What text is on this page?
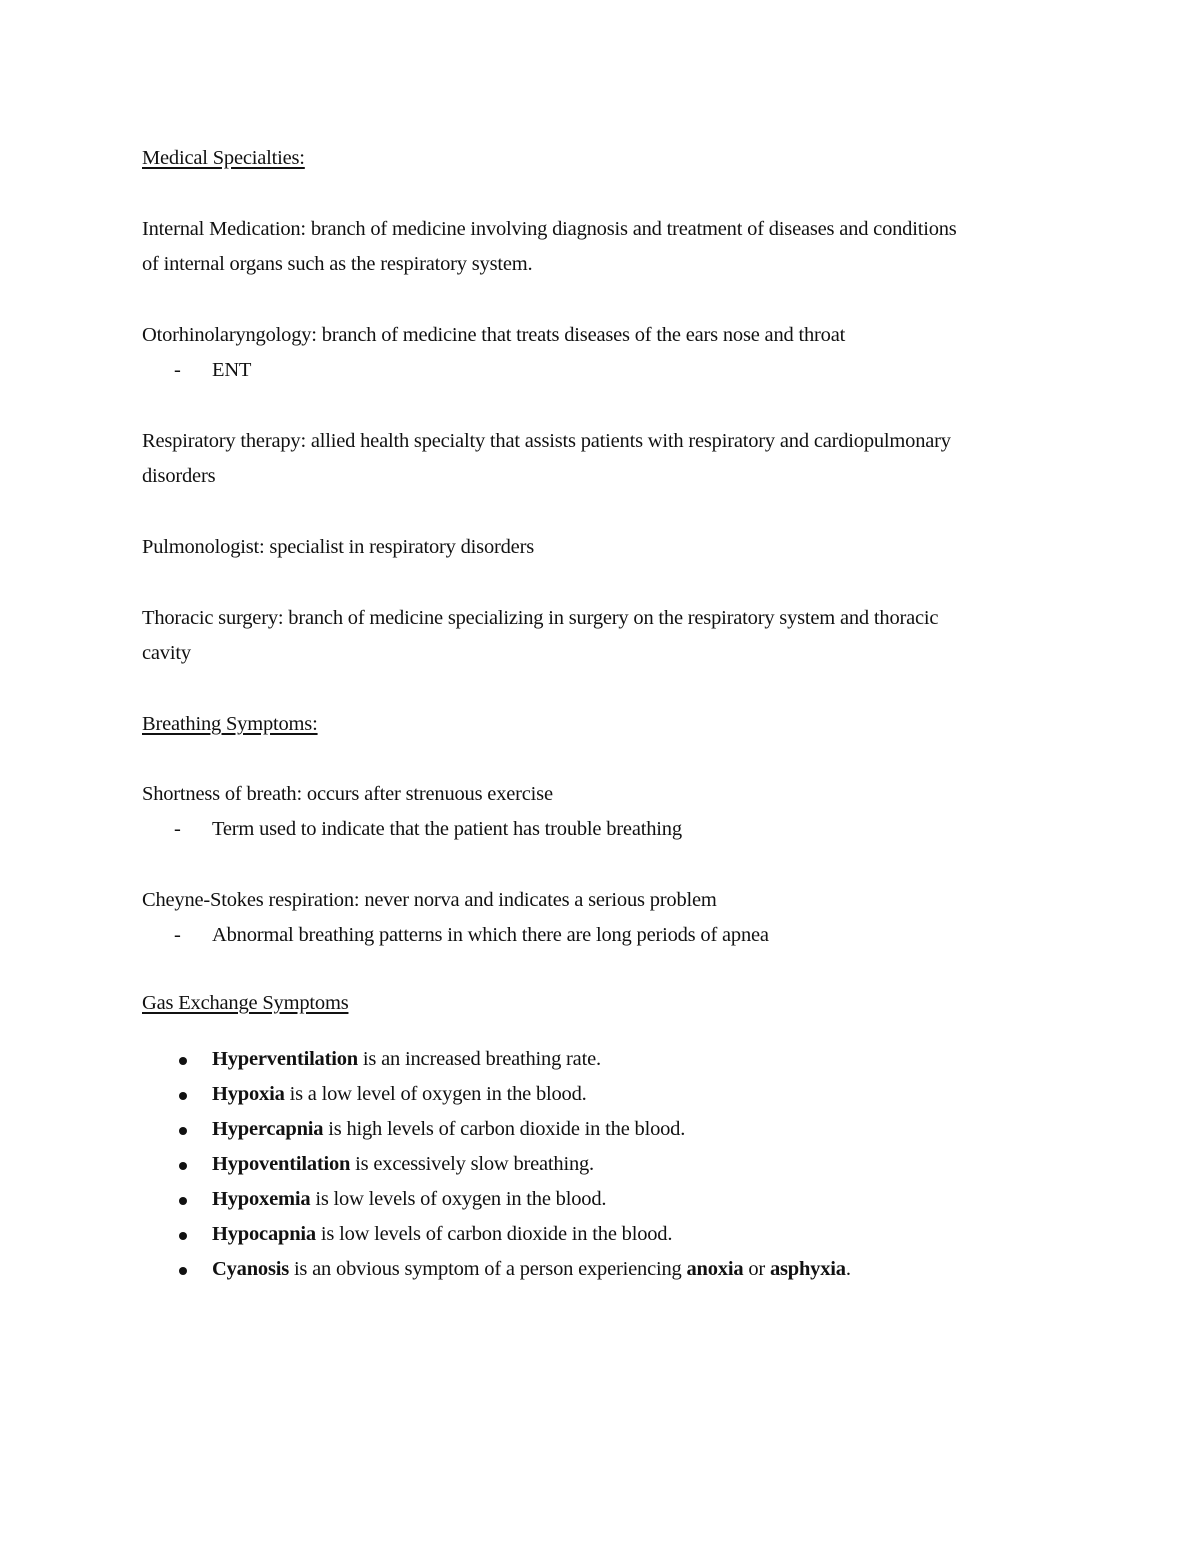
Medical Specialties:
Internal Medication: branch of medicine involving diagnosis and treatment of diseases and conditions
of internal organs such as the respiratory system.
Otorhinolaryngology: branch of medicine that treats diseases of the ears nose and throat
- ENT
Respiratory therapy: allied health specialty that assists patients with respiratory and cardiopulmonary
disorders
Pulmonologist: specialist in respiratory disorders
Thoracic surgery: branch of medicine specializing in surgery on the respiratory system and thoracic
cavity
Breathing Symptoms:
Shortness of breath: occurs after strenuous exercise
- Term used to indicate that the patient has trouble breathing
Cheyne-Stokes respiration: never norva and indicates a serious problem
- Abnormal breathing patterns in which there are long periods of apnea
Gas Exchange Symptoms
Hyperventilation is an increased breathing rate.
Hypoxia is a low level of oxygen in the blood.
Hypercapnia is high levels of carbon dioxide in the blood.
Hypoventilation is excessively slow breathing.
Hypoxemia is low levels of oxygen in the blood.
Hypocapnia is low levels of carbon dioxide in the blood.
Cyanosis is an obvious symptom of a person experiencing anoxia or asphyxia.
